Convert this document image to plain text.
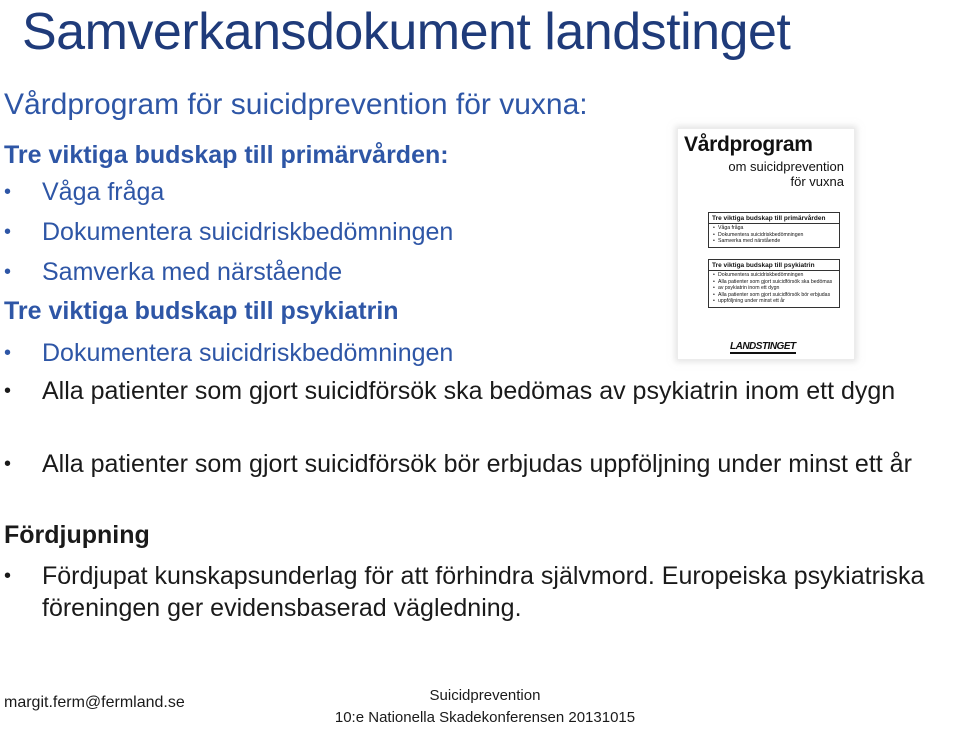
Samverkansdokument landstinget
Vårdprogram för suicidprevention för vuxna:
Tre viktiga budskap till primärvården:
•	Våga fråga
•	Dokumentera suicidriskbedömningen
•	Samverka med närstående
Tre viktiga budskap till psykiatrin
•	Dokumentera suicidriskbedömningen
•	Alla patienter som gjort suicidförsök ska bedömas av psykiatrin inom ett dygn
•	Alla patienter som gjort suicidförsök bör erbjudas uppföljning under minst ett år
Fördjupning
•	Fördjupat kunskapsunderlag för att förhindra självmord. Europeiska psykiatriska föreningen ger evidensbaserad vägledning.
Vårdprogram
om suicidprevention
för vuxna
Tre viktiga budskap till primärvården
• Våga fråga
• Dokumentera suicidriskbedömningen
• Samverka med närstående
Tre viktiga budskap till psykiatrin
• Dokumentera suicidriskbedömningen
• Alla patienter som gjort suicidförsök ska bedömas
• av psykiatrin inom ett dygn
• Alla patienter som gjort suicidförsök bör erbjudas
• uppföljning under minst ett år
LANDSTINGET
margit.ferm@fermland.se	Suicidprevention
10:e Nationella Skadekonferensen 20131015
